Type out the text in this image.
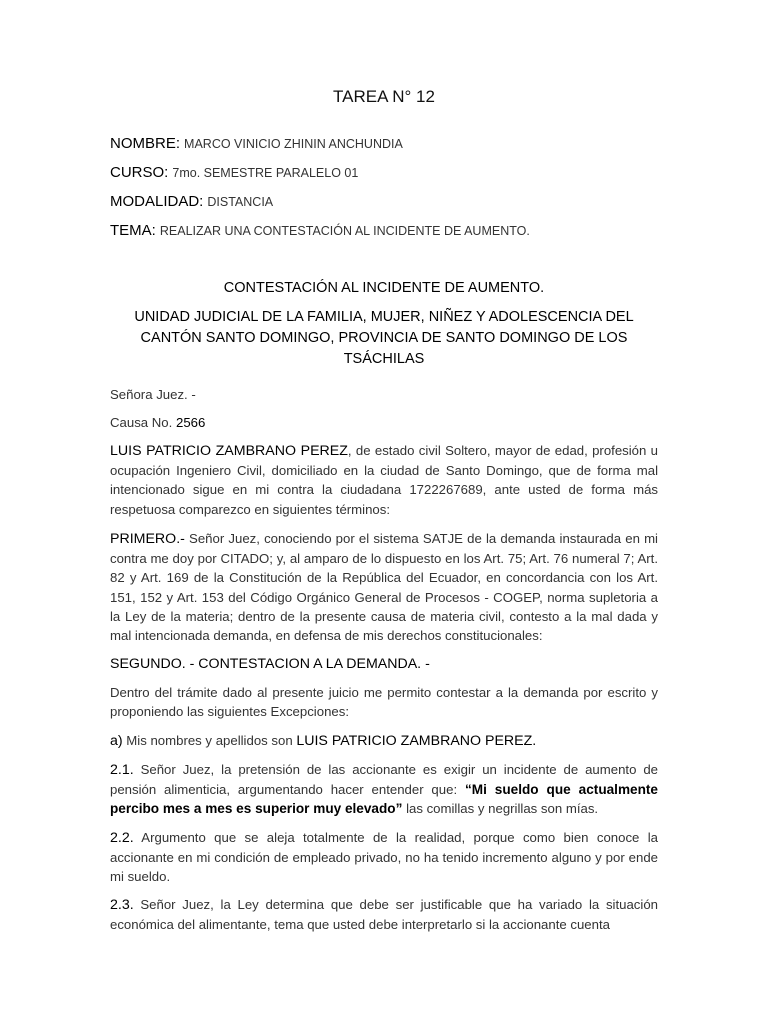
TAREA N° 12
NOMBRE: MARCO VINICIO ZHININ ANCHUNDIA
CURSO: 7mo. SEMESTRE PARALELO 01
MODALIDAD: DISTANCIA
TEMA: REALIZAR UNA CONTESTACIÓN AL INCIDENTE DE AUMENTO.
CONTESTACIÓN AL INCIDENTE DE AUMENTO.
UNIDAD JUDICIAL DE LA FAMILIA, MUJER, NIÑEZ Y ADOLESCENCIA DEL CANTÓN SANTO DOMINGO, PROVINCIA DE SANTO DOMINGO DE LOS TSÁCHILAS
Señora Juez. -
Causa No. 2566
LUIS PATRICIO ZAMBRANO PEREZ, de estado civil Soltero, mayor de edad, profesión u ocupación Ingeniero Civil, domiciliado en la ciudad de Santo Domingo, que de forma mal intencionado sigue en mi contra la ciudadana 1722267689, ante usted de forma más respetuosa comparezco en siguientes términos:
PRIMERO.- Señor Juez, conociendo por el sistema SATJE de la demanda instaurada en mi contra me doy por CITADO; y, al amparo de lo dispuesto en los Art. 75; Art. 76 numeral 7; Art. 82 y Art. 169 de la Constitución de la República del Ecuador, en concordancia con los Art. 151, 152 y Art. 153 del Código Orgánico General de Procesos - COGEP, norma supletoria a la Ley de la materia; dentro de la presente causa de materia civil, contesto a la mal dada y mal intencionada demanda, en defensa de mis derechos constitucionales:
SEGUNDO. - CONTESTACION A LA DEMANDA. -
Dentro del trámite dado al presente juicio me permito contestar a la demanda por escrito y proponiendo las siguientes Excepciones:
a) Mis nombres y apellidos son LUIS PATRICIO ZAMBRANO PEREZ.
2.1. Señor Juez, la pretensión de las accionante es exigir un incidente de aumento de pensión alimenticia, argumentando hacer entender que: “Mi sueldo que actualmente percibo mes a mes es superior muy elevado” las comillas y negrillas son mías.
2.2. Argumento que se aleja totalmente de la realidad, porque como bien conoce la accionante en mi condición de empleado privado, no ha tenido incremento alguno y por ende mi sueldo.
2.3. Señor Juez, la Ley determina que debe ser justificable que ha variado la situación económica del alimentante, tema que usted debe interpretarlo si la accionante cuenta
